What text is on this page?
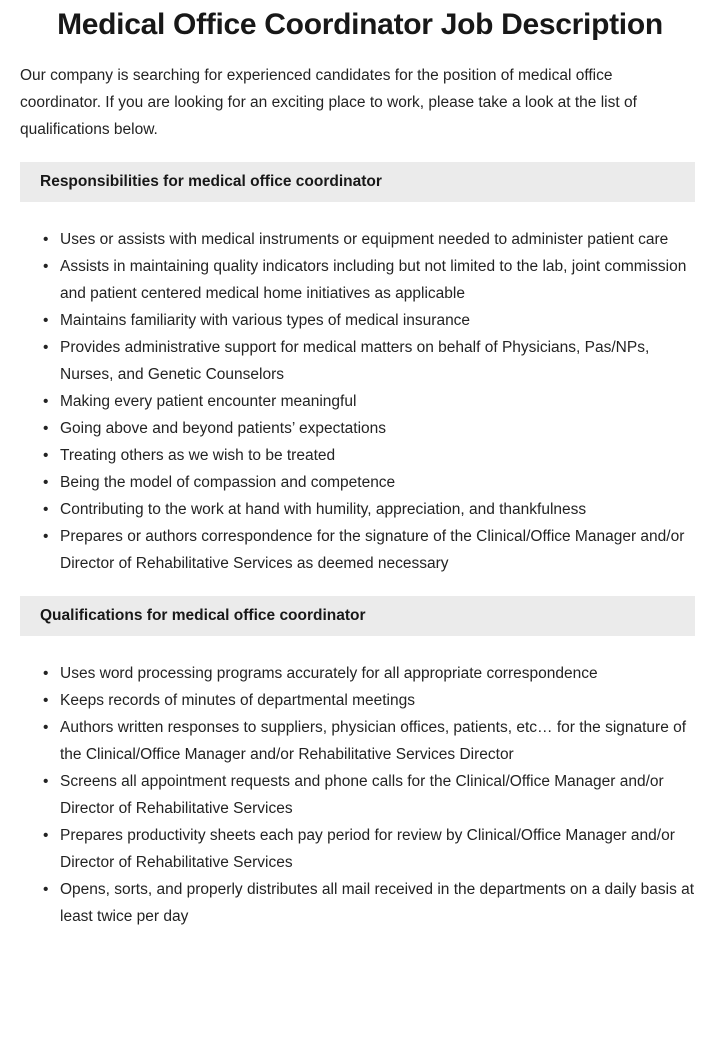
Medical Office Coordinator Job Description

Our company is searching for experienced candidates for the position of medical office coordinator. If you are looking for an exciting place to work, please take a look at the list of qualifications below.

Responsibilities for medical office coordinator
• Uses or assists with medical instruments or equipment needed to administer patient care
• Assists in maintaining quality indicators including but not limited to the lab, joint commission and patient centered medical home initiatives as applicable
• Maintains familiarity with various types of medical insurance
• Provides administrative support for medical matters on behalf of Physicians, Pas/NPs, Nurses, and Genetic Counselors
• Making every patient encounter meaningful
• Going above and beyond patients’ expectations
• Treating others as we wish to be treated
• Being the model of compassion and competence
• Contributing to the work at hand with humility, appreciation, and thankfulness
• Prepares or authors correspondence for the signature of the Clinical/Office Manager and/or Director of Rehabilitative Services as deemed necessary
Qualifications for medical office coordinator
• Uses word processing programs accurately for all appropriate correspondence
• Keeps records of minutes of departmental meetings
• Authors written responses to suppliers, physician offices, patients, etc… for the signature of the Clinical/Office Manager and/or Rehabilitative Services Director
• Screens all appointment requests and phone calls for the Clinical/Office Manager and/or Director of Rehabilitative Services
• Prepares productivity sheets each pay period for review by Clinical/Office Manager and/or Director of Rehabilitative Services
• Opens, sorts, and properly distributes all mail received in the departments on a daily basis at least twice per day
